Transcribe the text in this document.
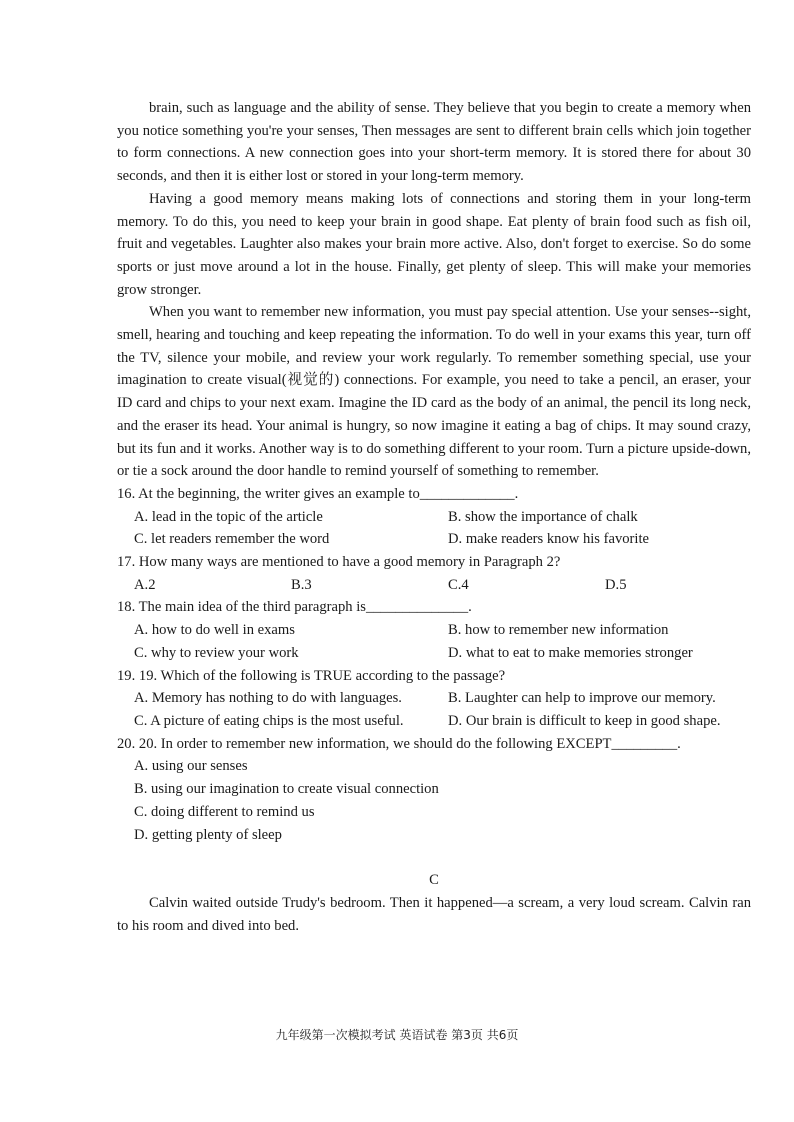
brain, such as language and the ability of sense. They believe that you begin to create a memory when you notice something you're your senses, Then messages are sent to different brain cells which join together to form connections. A new connection goes into your short-term memory. It is stored there for about 30 seconds, and then it is either lost or stored in your long-term memory.

Having a good memory means making lots of connections and storing them in your long-term memory. To do this, you need to keep your brain in good shape. Eat plenty of brain food such as fish oil, fruit and vegetables. Laughter also makes your brain more active. Also, don't forget to exercise. So do some sports or just move around a lot in the house. Finally, get plenty of sleep. This will make your memories grow stronger.

When you want to remember new information, you must pay special attention. Use your senses--sight, smell, hearing and touching and keep repeating the information. To do well in your exams this year, turn off the TV, silence your mobile, and review your work regularly. To remember something special, use your imagination to create visual(视觉的) connections. For example, you need to take a pencil, an eraser, your ID card and chips to your next exam. Imagine the ID card as the body of an animal, the pencil its long neck, and the eraser its head. Your animal is hungry, so now imagine it eating a bag of chips. It may sound crazy, but its fun and it works. Another way is to do something different to your room. Turn a picture upside-down, or tie a sock around the door handle to remind yourself of something to remember.

16. At the beginning, the writer gives an example to_____________.
A. lead in the topic of the article	B. show the importance of chalk
C. let readers remember the word	D. make readers know his favorite
17. How many ways are mentioned to have a good memory in Paragraph 2?
A.2	B.3	C.4	D.5
18. The main idea of the third paragraph is______________.
A. how to do well in exams	B. how to remember new information
C. why to review your work	D. what to eat to make memories stronger
19. 19. Which of the following is TRUE according to the passage?
A. Memory has nothing to do with languages.	B. Laughter can help to improve our memory.
C. A picture of eating chips is the most useful.	D. Our brain is difficult to keep in good shape.
20. 20. In order to remember new information, we should do the following EXCEPT_________.
A. using our senses
B. using our imagination to create visual connection
C. doing different to remind us
D. getting plenty of sleep
C

Calvin waited outside Trudy's bedroom. Then it happened—a scream, a very loud scream. Calvin ran to his room and dived into bed.

九年级第一次模拟考试 英语试卷 第3页 共6页
